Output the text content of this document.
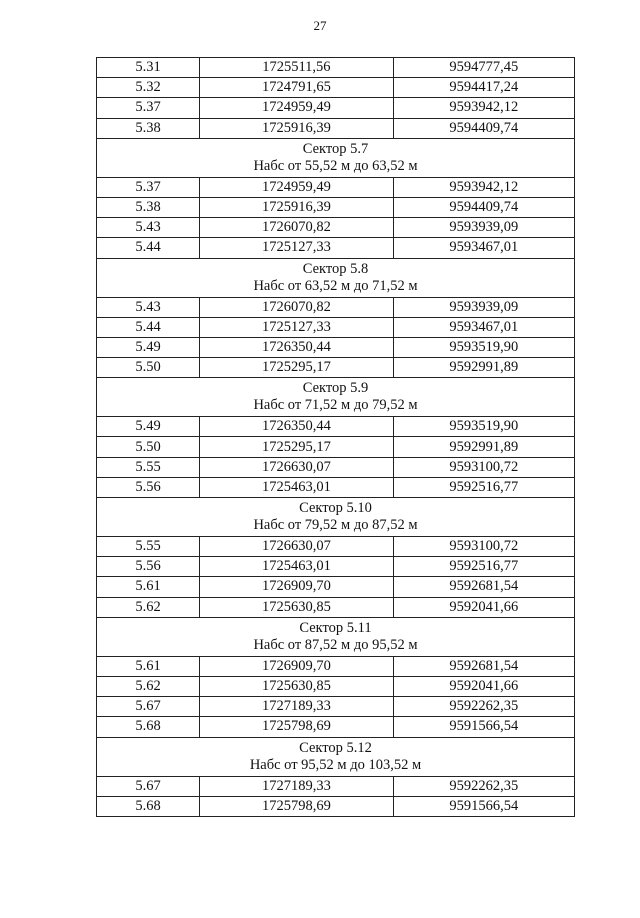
27
5.31	1725511,56	9594777,45
5.32	1724791,65	9594417,24
5.37	1724959,49	9593942,12
5.38	1725916,39	9594409,74

Сектор 5.7
Набс от 55,52 м до 63,52 м		

5.37	1724959,49	9593942,12
5.38	1725916,39	9594409,74
5.43	1726070,82	9593939,09
5.44	1725127,33	9593467,01

Сектор 5.8
Набс от 63,52 м до 71,52 м		

5.43	1726070,82	9593939,09
5.44	1725127,33	9593467,01
5.49	1726350,44	9593519,90
5.50	1725295,17	9592991,89

Сектор 5.9
Набс от 71,52 м до 79,52 м		

5.49	1726350,44	9593519,90
5.50	1725295,17	9592991,89
5.55	1726630,07	9593100,72
5.56	1725463,01	9592516,77

Сектор 5.10
Набс от 79,52 м до 87,52 м		

5.55	1726630,07	9593100,72
5.56	1725463,01	9592516,77
5.61	1726909,70	9592681,54
5.62	1725630,85	9592041,66

Сектор 5.11
Набс от 87,52 м до 95,52 м		

5.61	1726909,70	9592681,54
5.62	1725630,85	9592041,66
5.67	1727189,33	9592262,35
5.68	1725798,69	9591566,54

Сектор 5.12
Набс от 95,52 м до 103,52 м		

5.67	1727189,33	9592262,35
5.68	1725798,69	9591566,54
